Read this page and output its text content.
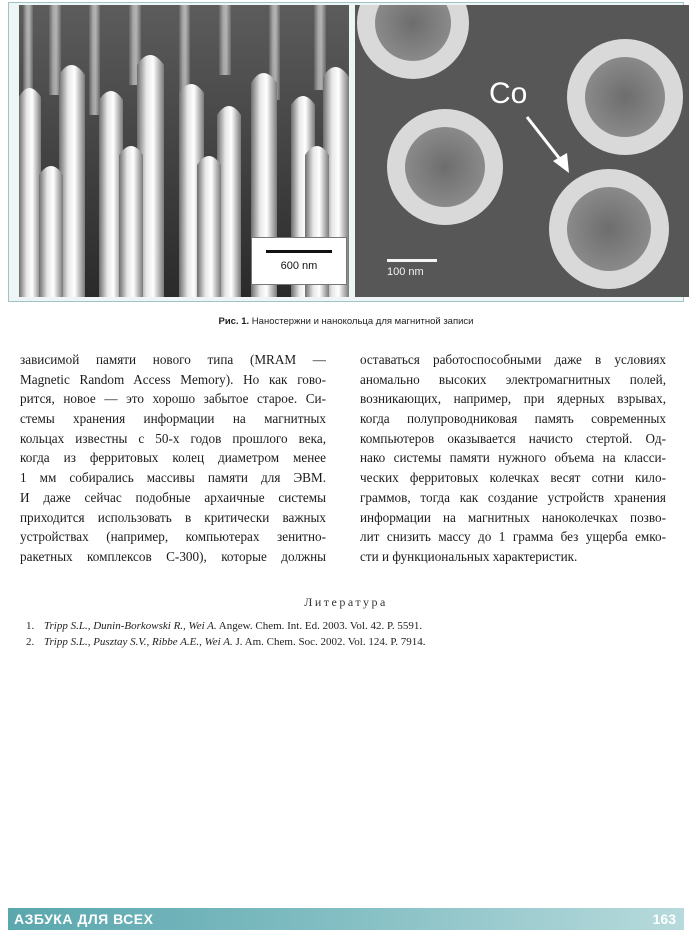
600 nm
Co
100 nm
Рис. 1. Наностержни и нанокольца для магнитной записи
зависимой памяти нового типа (MRAM —
Magnetic Random Access Memory). Но как гово-
рится, новое — это хорошо забытое старое. Си-
стемы хранения информации на магнитных
кольцах известны с 50-х годов прошлого века,
когда из ферритовых колец диаметром менее
1 мм собирались массивы памяти для ЭВМ.
И даже сейчас подобные архаичные системы
приходится использовать в критически важных
устройствах (например, компьютерах зенитно-
ракетных комплексов С-300), которые должны
оставаться работоспособными даже в условиях
аномально высоких электромагнитных полей,
возникающих, например, при ядерных взрывах,
когда полупроводниковая память современных
компьютеров оказывается начисто стертой. Од-
нако системы памяти нужного объема на класси-
ческих ферритовых колечках весят сотни кило-
граммов, тогда как создание устройств хранения
информации на магнитных наноколечках позво-
лит снизить массу до 1 грамма без ущерба емко-
сти и функциональных характеристик.
Литература
1. Tripp S.L., Dunin-Borkowski R., Wei A. Angew. Chem. Int. Ed. 2003. Vol. 42. P. 5591.
2. Tripp S.L., Pusztay S.V., Ribbe A.E., Wei A. J. Am. Chem. Soc. 2002. Vol. 124. P. 7914.
АЗБУКА ДЛЯ ВСЕХ	163
